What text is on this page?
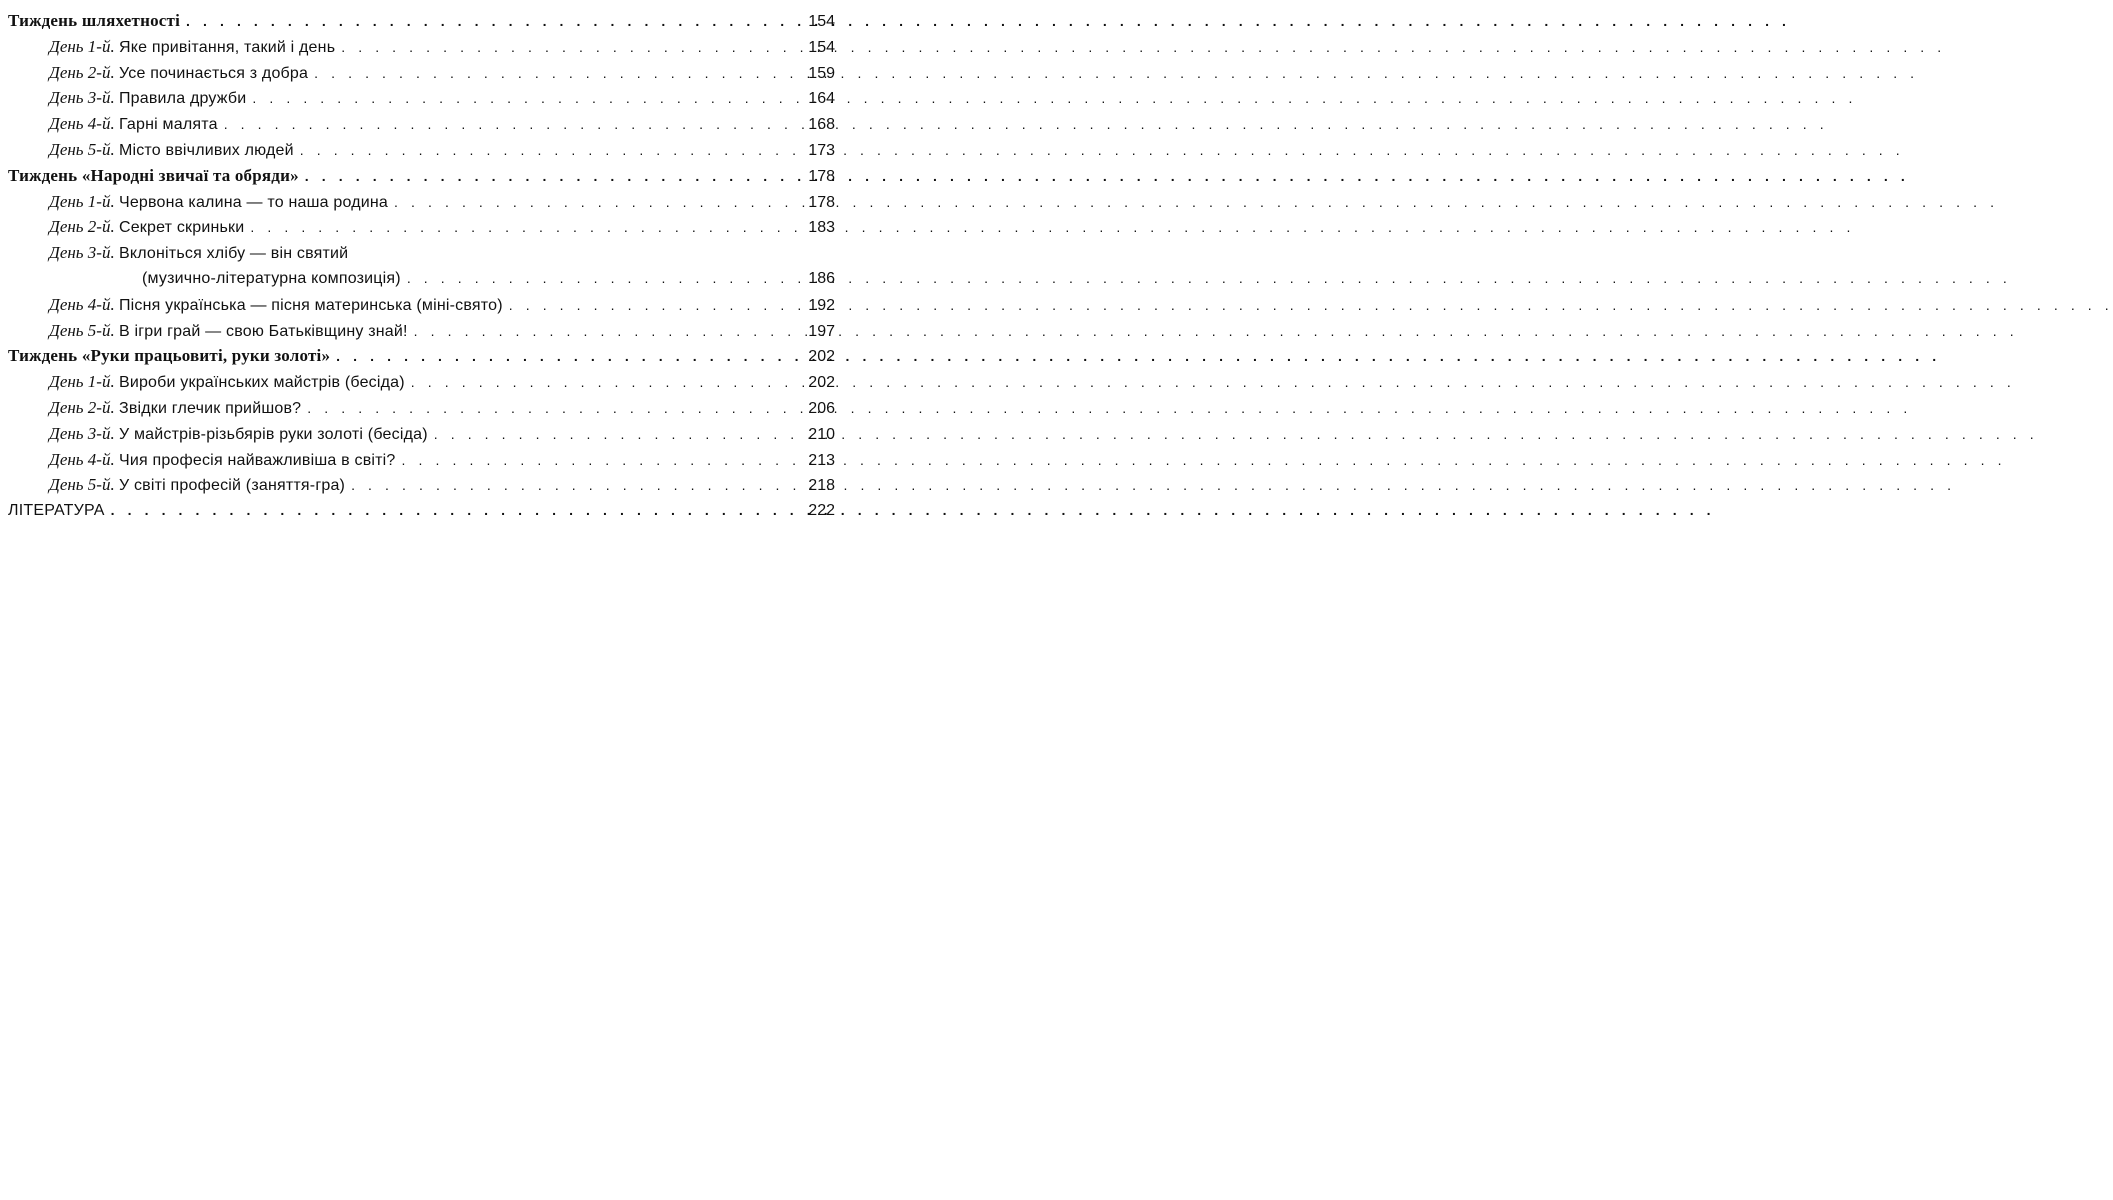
Тиждень шляхетності . . .	154
День 1-й. Яке привітання, такий і день . . .	154
День 2-й. Усе починається з добра . . .	159
День 3-й. Правила дружби . . .	164
День 4-й. Гарні малята . . .	168
День 5-й. Місто ввічливих людей . . .	173
Тиждень «Народні звичаї та обряди» . . .	178
День 1-й. Червона калина — то наша родина . . .	178
День 2-й. Секрет скриньки . . .	183
День 3-й. Вклоніться хлібу — він святий
(музично-літературна композиція) . . .	186
День 4-й. Пісня українська — пісня материнська (міні-свято) . . .	192
День 5-й. В ігри грай — свою Батьківщину знай! . . .	197
Тиждень «Руки працьовиті, руки золоті» . . .	202
День 1-й. Вироби українських майстрів (бесіда) . . .	202
День 2-й. Звідки глечик прийшов? . . .	206
День 3-й. У майстрів-різьбярів руки золоті (бесіда) . . .	210
День 4-й. Чия професія найважливіша в світі? . . .	213
День 5-й. У світі професій (заняття-гра) . . .	218
ЛІТЕРАТУРА . . .	222
